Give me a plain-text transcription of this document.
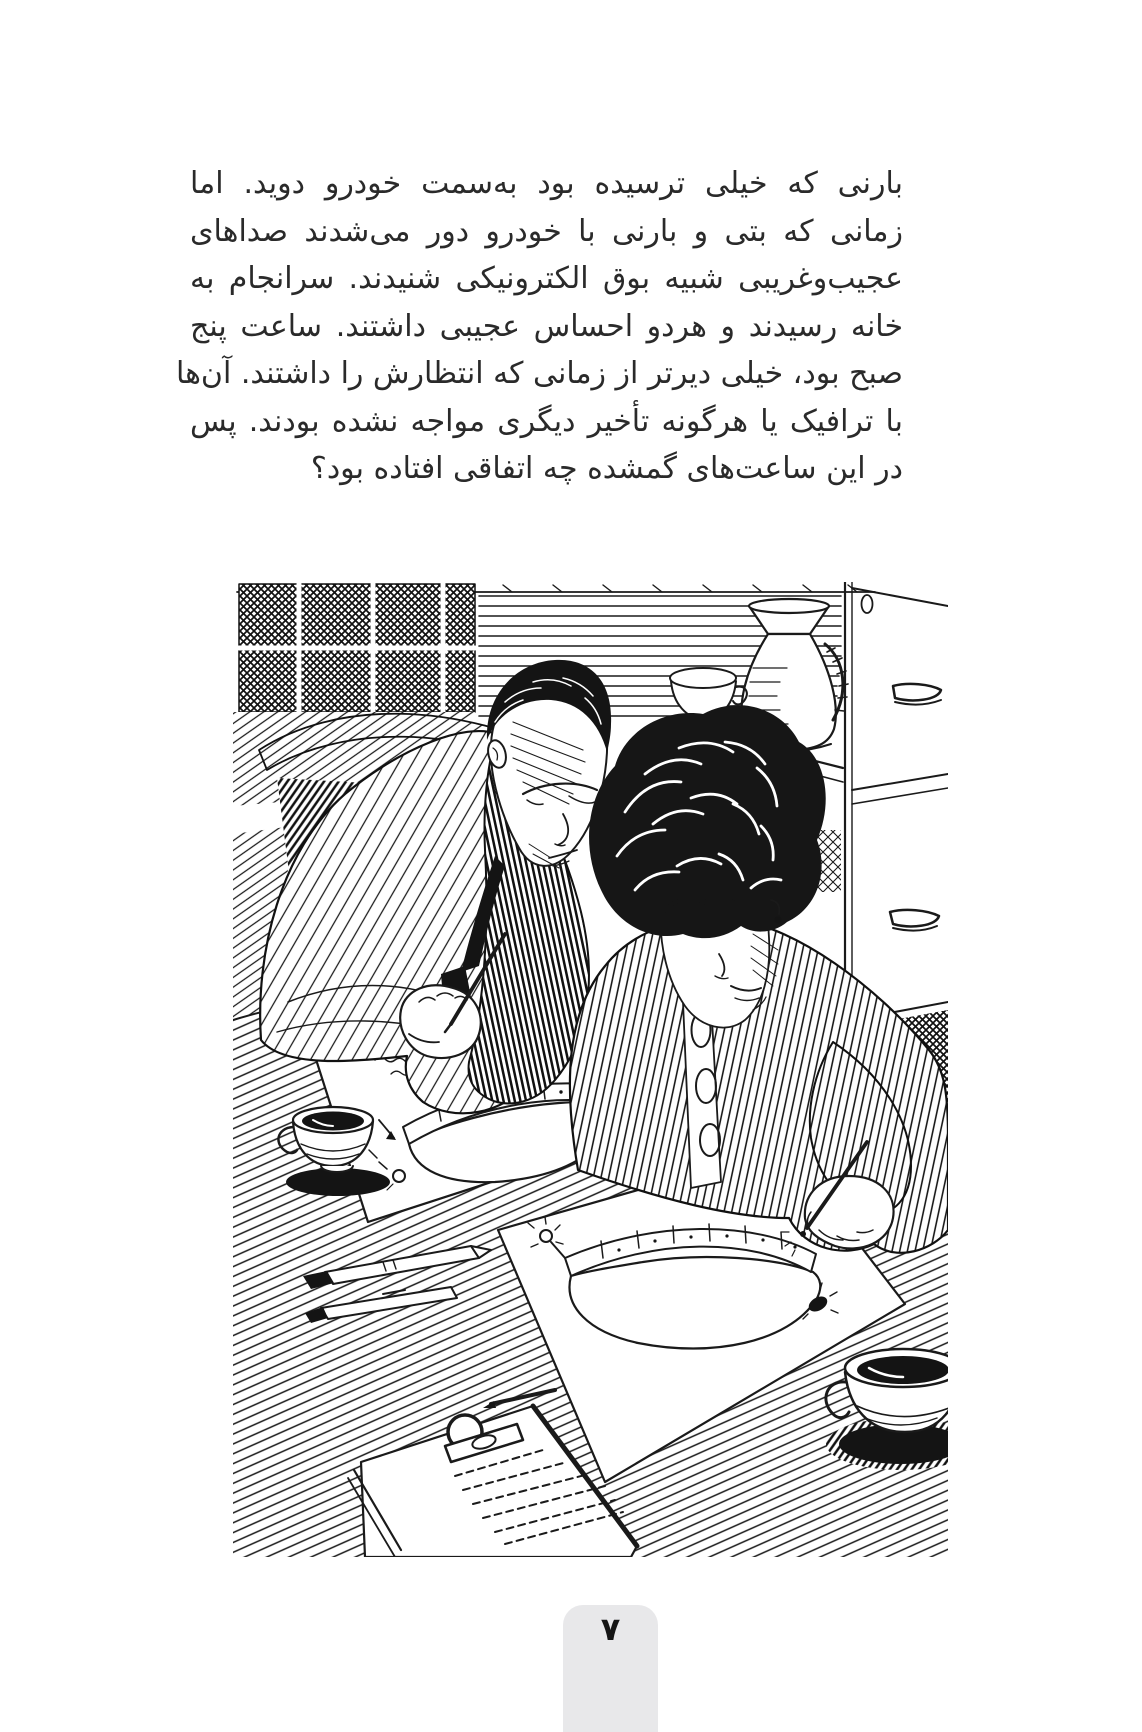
بارنی که خیلی ترسیده بود به‌سمت خودرو دوید. اما
زمانی که بتی و بارنی با خودرو دور می‌شدند صداهای
عجیب‌وغریبی شبیه بوق الکترونیکی شنیدند. سرانجام به
خانه رسیدند و هردو احساس عجیبی داشتند. ساعت پنج
صبح بود، خیلی دیرتر از زمانی که انتظارش را داشتند. آن‌ها
با ترافیک یا هرگونه تأخیر دیگری مواجه نشده بودند. پس
در این ساعت‌های گمشده چه اتفاقی افتاده بود؟
۷
